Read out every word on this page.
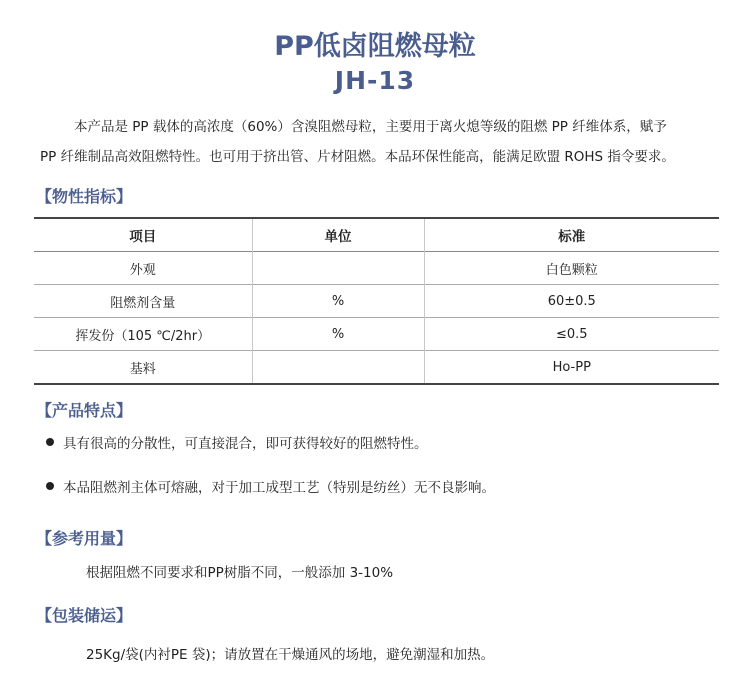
PP低卤阻燃母粒
JH-13

本产品是 PP 载体的高浓度（60%）含溴阻燃母粒，主要用于离火熄等级的阻燃 PP 纤维体系，赋予

PP 纤维制品高效阻燃特性。也可用于挤出管、片材阻燃。本品环保性能高，能满足欧盟 ROHS 指令要求。

【物性指标】
项目	单位	标准
外观		白色颗粒
阻燃剂含量	%	60±0.5
挥发份（105 ℃/2hr）	%	≤0.5
基料		Ho-PP
【产品特点】
具有很高的分散性，可直接混合，即可获得较好的阻燃特性。
本品阻燃剂主体可熔融，对于加工成型工艺（特别是纺丝）无不良影响。
【参考用量】
根据阻燃不同要求和PP树脂不同，一般添加 3-10%
【包装储运】
25Kg/袋(内衬PE 袋)；请放置在干燥通风的场地，避免潮湿和加热。
